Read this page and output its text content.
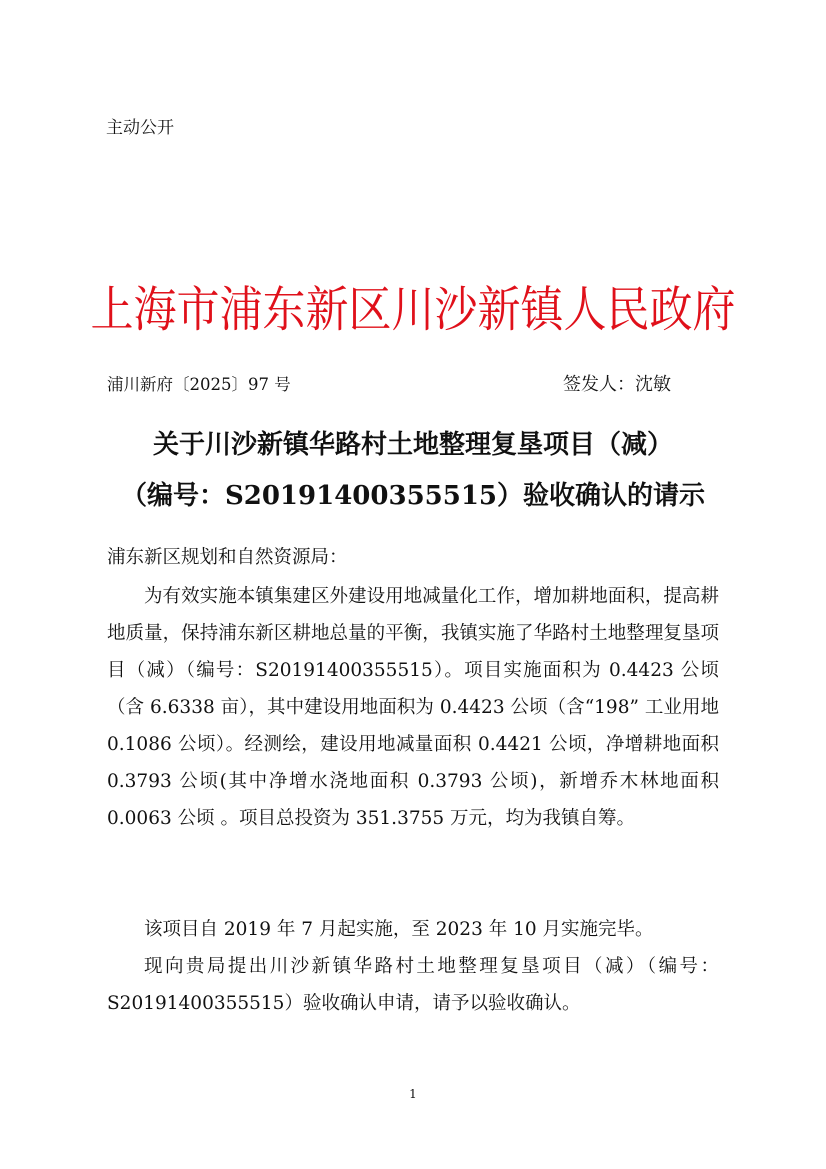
主动公开
上海市浦东新区川沙新镇人民政府
浦川新府〔2025〕97 号	签发人：沈敏
关于川沙新镇华路村土地整理复垦项目（减）
（编号：S20191400355515）验收确认的请示
浦东新区规划和自然资源局：
为有效实施本镇集建区外建设用地减量化工作，增加耕地面积，提高耕地质量，保持浦东新区耕地总量的平衡，我镇实施了华路村土地整理复垦项目（减）（编号：S20191400355515）。项目实施面积为 0.4423 公顷（含 6.6338 亩），其中建设用地面积为 0.4423 公顷（含“198” 工业用地 0.1086 公顷）。经测绘，建设用地减量面积 0.4421 公顷，净增耕地面积 0.3793 公顷(其中净增水浇地面积 0.3793 公顷)，新增乔木林地面积 0.0063 公顷 。项目总投资为 351.3755 万元，均为我镇自筹。
该项目自 2019 年 7 月起实施，至 2023 年 10 月实施完毕。
现向贵局提出川沙新镇华路村土地整理复垦项目（减）（编号：S20191400355515）验收确认申请，请予以验收确认。
1
